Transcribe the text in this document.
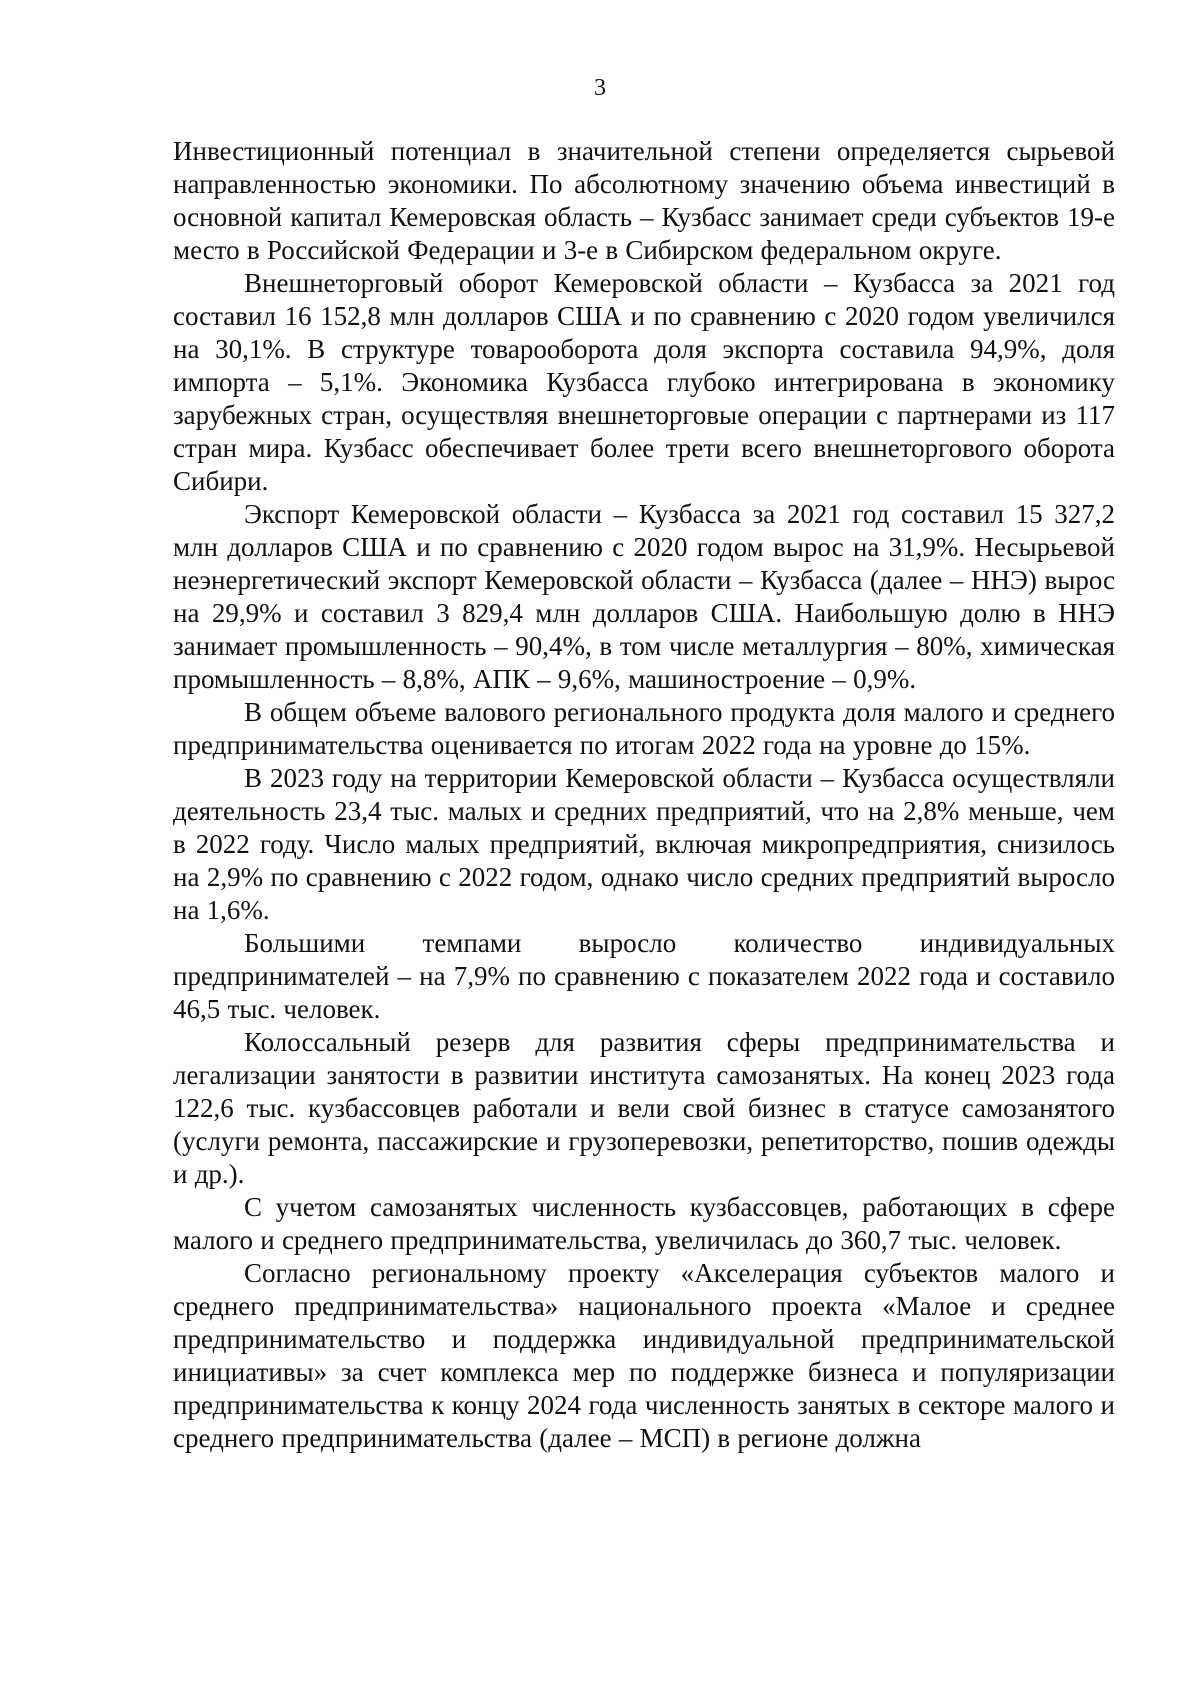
3

Инвестиционный потенциал в значительной степени определяется сырьевой направленностью экономики. По абсолютному значению объема инвестиций в основной капитал Кемеровская область – Кузбасс занимает среди субъектов 19-е место в Российской Федерации и 3-е в Сибирском федеральном округе.

Внешнеторговый оборот Кемеровской области – Кузбасса за 2021 год составил 16 152,8 млн долларов США и по сравнению с 2020 годом увеличился на 30,1%. В структуре товарооборота доля экспорта составила 94,9%, доля импорта – 5,1%. Экономика Кузбасса глубоко интегрирована в экономику зарубежных стран, осуществляя внешнеторговые операции с партнерами из 117 стран мира. Кузбасс обеспечивает более трети всего внешнеторгового оборота Сибири.

Экспорт Кемеровской области – Кузбасса за 2021 год составил 15 327,2 млн долларов США и по сравнению с 2020 годом вырос на 31,9%. Несырьевой неэнергетический экспорт Кемеровской области – Кузбасса (далее – ННЭ) вырос на 29,9% и составил 3 829,4 млн долларов США. Наибольшую долю в ННЭ занимает промышленность – 90,4%, в том числе металлургия – 80%, химическая промышленность – 8,8%, АПК – 9,6%, машиностроение – 0,9%.

В общем объеме валового регионального продукта доля малого и среднего предпринимательства оценивается по итогам 2022 года на уровне до 15%.

В 2023 году на территории Кемеровской области – Кузбасса осуществляли деятельность 23,4 тыс. малых и средних предприятий, что на 2,8% меньше, чем в 2022 году. Число малых предприятий, включая микропредприятия, снизилось на 2,9% по сравнению с 2022 годом, однако число средних предприятий выросло на 1,6%.

Большими темпами выросло количество индивидуальных предпринимателей – на 7,9% по сравнению с показателем 2022 года и составило 46,5 тыс. человек.

Колоссальный резерв для развития сферы предпринимательства и легализации занятости в развитии института самозанятых. На конец 2023 года 122,6 тыс. кузбассовцев работали и вели свой бизнес в статусе самозанятого (услуги ремонта, пассажирские и грузоперевозки, репетиторство, пошив одежды и др.).

С учетом самозанятых численность кузбассовцев, работающих в сфере малого и среднего предпринимательства, увеличилась до 360,7 тыс. человек.

Согласно региональному проекту «Акселерация субъектов малого и среднего предпринимательства» национального проекта «Малое и среднее предпринимательство и поддержка индивидуальной предпринимательской инициативы» за счет комплекса мер по поддержке бизнеса и популяризации предпринимательства к концу 2024 года численность занятых в секторе малого и среднего предпринимательства (далее – МСП) в регионе должна
